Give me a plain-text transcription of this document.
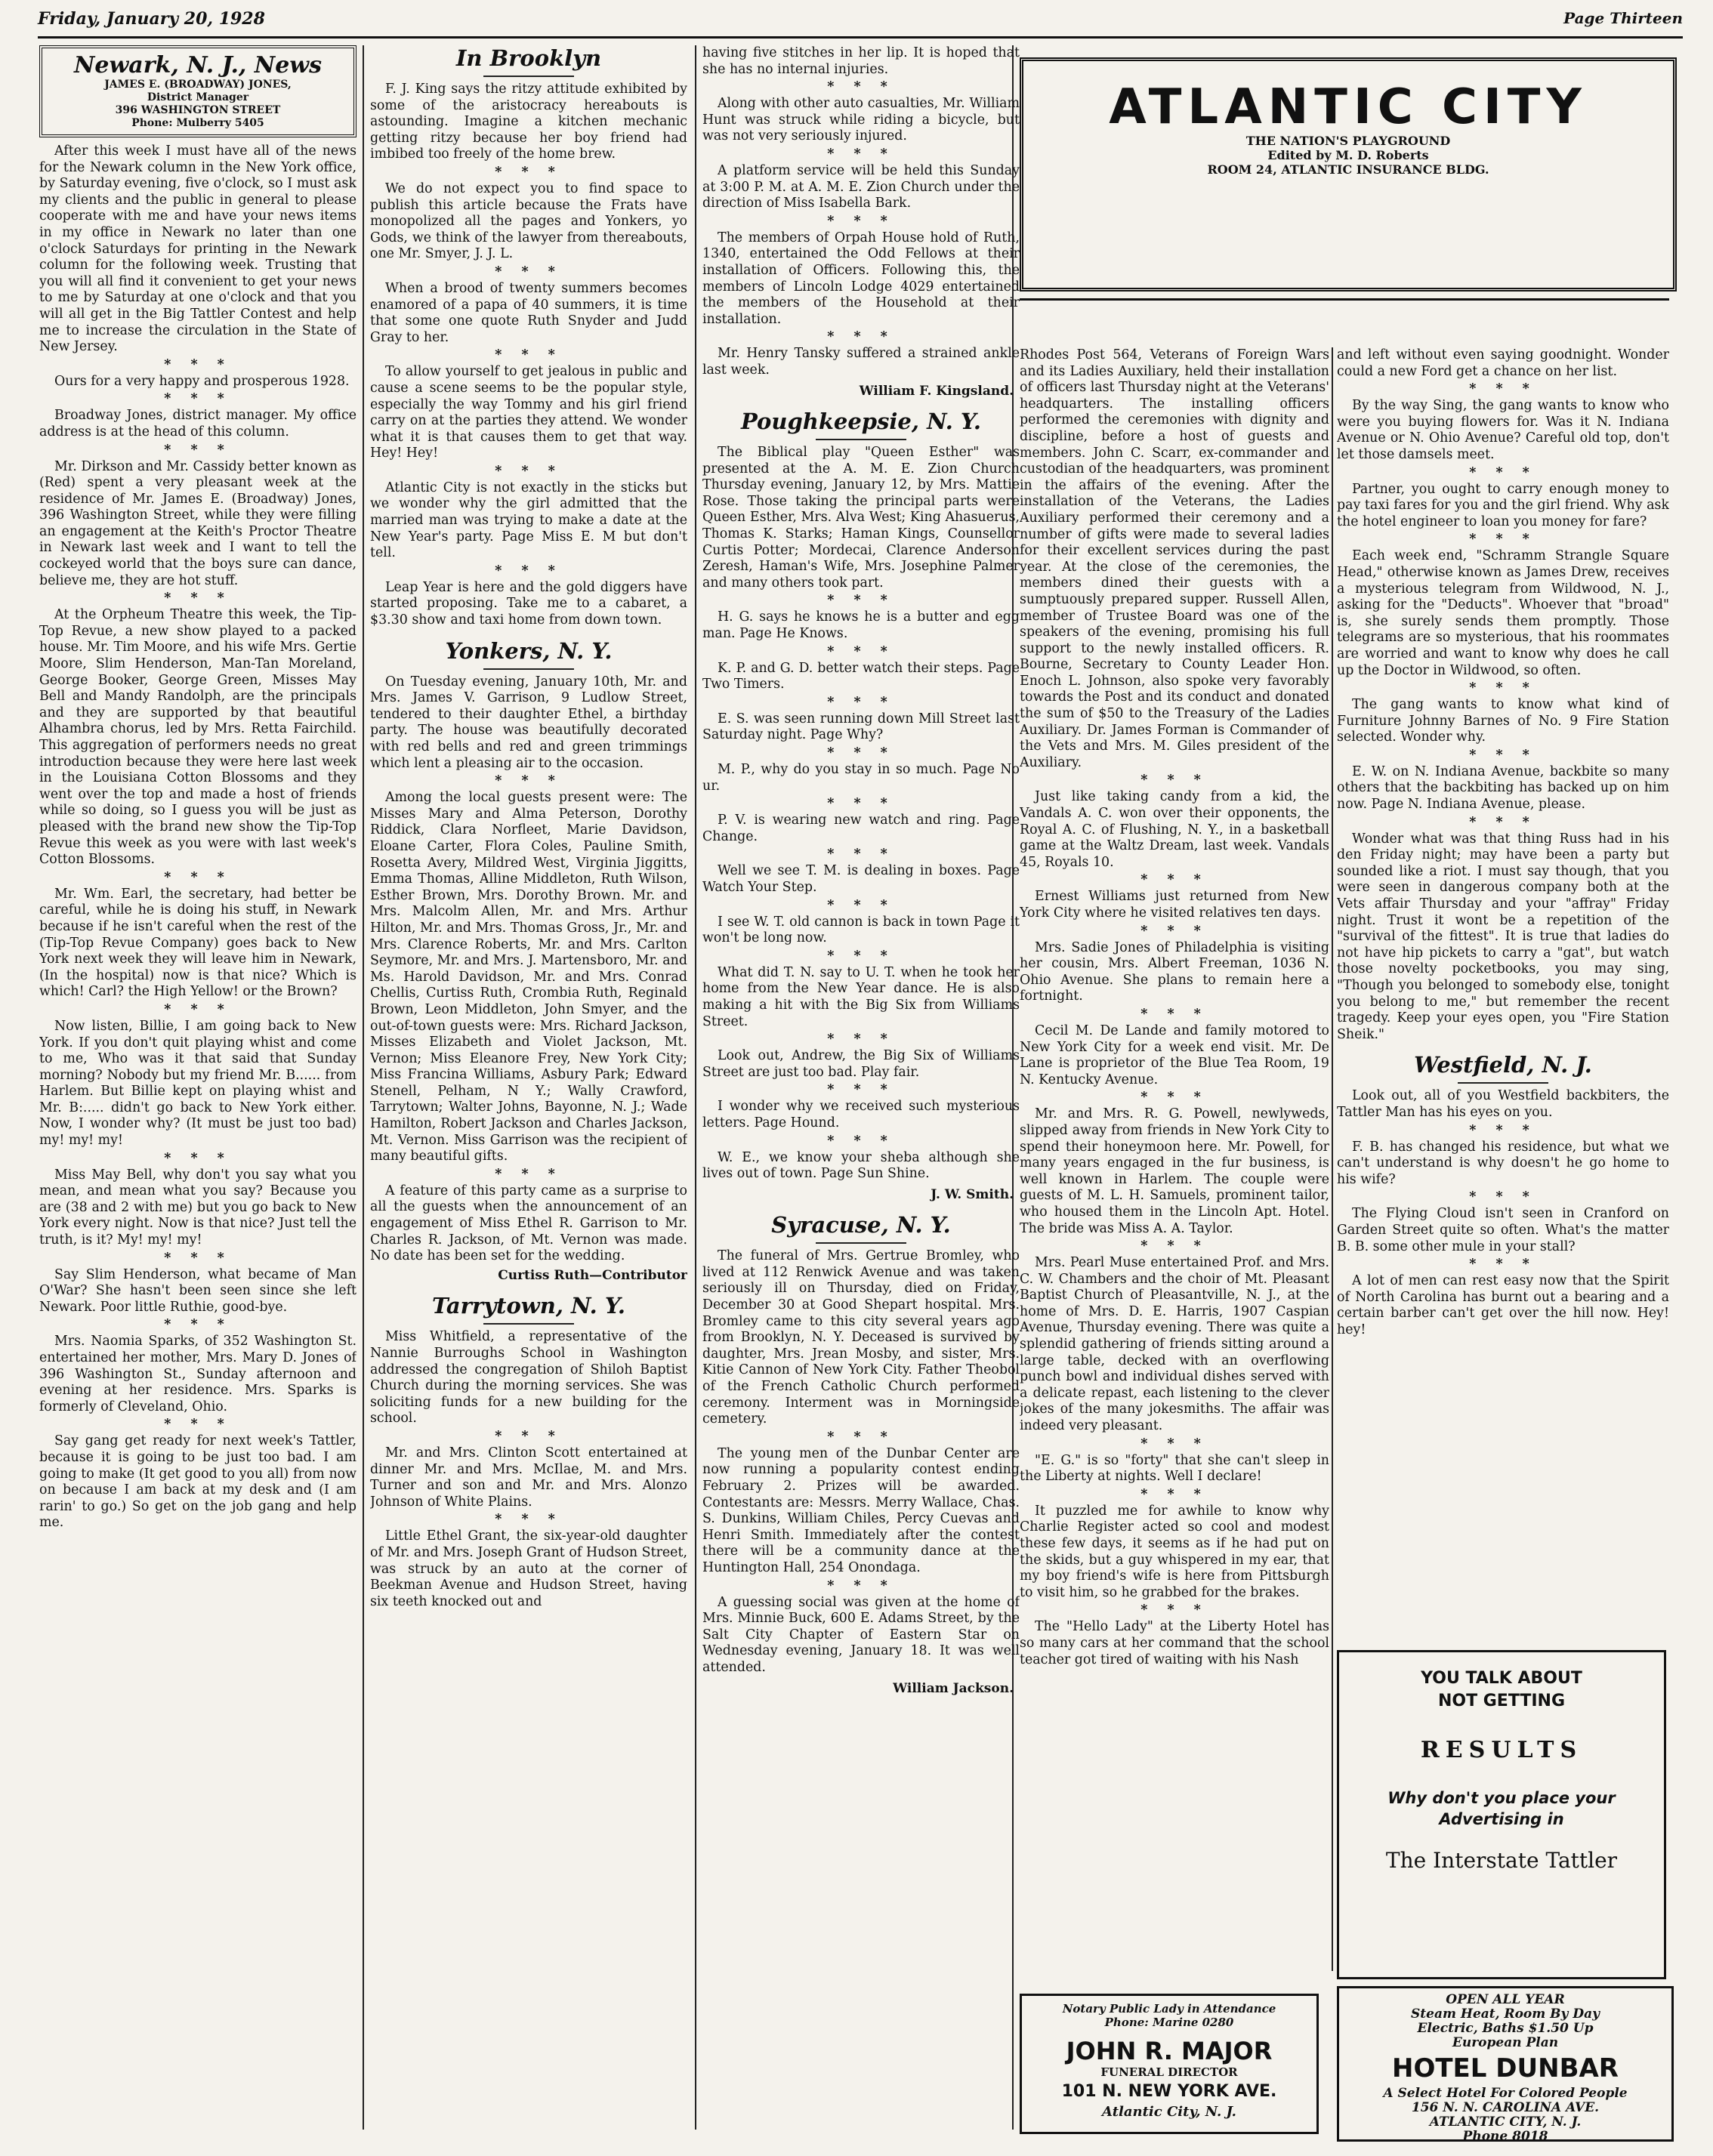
Friday, January 20, 1928	Page Thirteen
Newark, N. J., News
JAMES E. (BROADWAY) JONES,
District Manager
396 WASHINGTON STREET
Phone: Mulberry 5405

After this week I must have all of the news for the Newark column in the New York office, by Saturday evening, five o'clock, so I must ask my clients and the public in general to please cooperate with me and have your news items in my office in Newark no later than one o'clock Saturdays for printing in the Newark column for the following week. Trusting that you will all find it convenient to get your news to me by Saturday at one o'clock and that you will all get in the Big Tattler Contest and help me to increase the circulation in the State of New Jersey.

* * *

Ours for a very happy and prosperous 1928.

* * *

Broadway Jones, district manager. My office address is at the head of this column.

* * *

Mr. Dirkson and Mr. Cassidy better known as (Red) spent a very pleasant week at the residence of Mr. James E. (Broadway) Jones, 396 Washington Street, while they were filling an engagement at the Keith's Proctor Theatre in Newark last week and I want to tell the cockeyed world that the boys sure can dance, believe me, they are hot stuff.

* * *

At the Orpheum Theatre this week, the Tip-Top Revue, a new show played to a packed house. Mr. Tim Moore, and his wife Mrs. Gertie Moore, Slim Henderson, Man-Tan Moreland, George Booker, George Green, Misses May Bell and Mandy Randolph, are the principals and they are supported by that beautiful Alhambra chorus, led by Mrs. Retta Fairchild. This aggregation of performers needs no great introduction because they were here last week in the Louisiana Cotton Blossoms and they went over the top and made a host of friends while so doing, so I guess you will be just as pleased with the brand new show the Tip-Top Revue this week as you were with last week's Cotton Blossoms.

* * *

Mr. Wm. Earl, the secretary, had better be careful, while he is doing his stuff, in Newark because if he isn't careful when the rest of the (Tip-Top Revue Company) goes back to New York next week they will leave him in Newark, (In the hospital) now is that nice? Which is which! Carl? the High Yellow! or the Brown?

* * *

Now listen, Billie, I am going back to New York. If you don't quit playing whist and come to me, Who was it that said that Sunday morning? Nobody but my friend Mr. B...... from Harlem. But Billie kept on playing whist and Mr. B:..... didn't go back to New York either. Now, I wonder why? (It must be just too bad) my! my! my!

* * *

Miss May Bell, why don't you say what you mean, and mean what you say? Because you are (38 and 2 with me) but you go back to New York every night. Now is that nice? Just tell the truth, is it? My! my! my!

* * *

Say Slim Henderson, what became of Man O'War? She hasn't been seen since she left Newark. Poor little Ruthie, good-bye.

* * *

Mrs. Naomia Sparks, of 352 Washington St. entertained her mother, Mrs. Mary D. Jones of 396 Washington St., Sunday afternoon and evening at her residence. Mrs. Sparks is formerly of Cleveland, Ohio.

* * *

Say gang get ready for next week's Tattler, because it is going to be just too bad. I am going to make (It get good to you all) from now on because I am back at my desk and (I am rarin' to go.) So get on the job gang and help me.

In Brooklyn

F. J. King says the ritzy attitude exhibited by some of the aristocracy hereabouts is astounding. Imagine a kitchen mechanic getting ritzy because her boy friend had imbibed too freely of the home brew.

* * *

We do not expect you to find space to publish this article because the Frats have monopolized all the pages and Yonkers, yo Gods, we think of the lawyer from thereabouts, one Mr. Smyer, J. J. L.

* * *

When a brood of twenty summers becomes enamored of a papa of 40 summers, it is time that some one quote Ruth Snyder and Judd Gray to her.

* * *

To allow yourself to get jealous in public and cause a scene seems to be the popular style, especially the way Tommy and his girl friend carry on at the parties they attend. We wonder what it is that causes them to get that way. Hey! Hey!

* * *

Atlantic City is not exactly in the sticks but we wonder why the girl admitted that the married man was trying to make a date at the New Year's party. Page Miss E. M but don't tell.

* * *

Leap Year is here and the gold diggers have started proposing. Take me to a cabaret, a $3.30 show and taxi home from down town.

Yonkers, N. Y.

On Tuesday evening, January 10th, Mr. and Mrs. James V. Garrison, 9 Ludlow Street, tendered to their daughter Ethel, a birthday party. The house was beautifully decorated with red bells and red and green trimmings which lent a pleasing air to the occasion.

* * *

Among the local guests present were: The Misses Mary and Alma Peterson, Dorothy Riddick, Clara Norfleet, Marie Davidson, Eloane Carter, Flora Coles, Pauline Smith, Rosetta Avery, Mildred West, Virginia Jiggitts, Emma Thomas, Alline Middleton, Ruth Wilson, Esther Brown, Mrs. Dorothy Brown. Mr. and Mrs. Malcolm Allen, Mr. and Mrs. Arthur Hilton, Mr. and Mrs. Thomas Gross, Jr., Mr. and Mrs. Clarence Roberts, Mr. and Mrs. Carlton Seymore, Mr. and Mrs. J. Martensboro, Mr. and Ms. Harold Davidson, Mr. and Mrs. Conrad Chellis, Curtiss Ruth, Crombia Ruth, Reginald Brown, Leon Middleton, John Smyer, and the out-of-town guests were: Mrs. Richard Jackson, Misses Elizabeth and Violet Jackson, Mt. Vernon; Miss Eleanore Frey, New York City; Miss Francina Williams, Asbury Park; Edward Stenell, Pelham, N Y.; Wally Crawford, Tarrytown; Walter Johns, Bayonne, N. J.; Wade Hamilton, Robert Jackson and Charles Jackson, Mt. Vernon. Miss Garrison was the recipient of many beautiful gifts.

* * *

A feature of this party came as a surprise to all the guests when the announcement of an engagement of Miss Ethel R. Garrison to Mr. Charles R. Jackson, of Mt. Vernon was made. No date has been set for the wedding.

Curtiss Ruth—Contributor
Tarrytown, N. Y.

Miss Whitfield, a representative of the Nannie Burroughs School in Washington addressed the congregation of Shiloh Baptist Church during the morning services. She was soliciting funds for a new building for the school.

* * *

Mr. and Mrs. Clinton Scott entertained at dinner Mr. and Mrs. McIlae, M. and Mrs. Turner and son and Mr. and Mrs. Alonzo Johnson of White Plains.

* * *

Little Ethel Grant, the six-year-old daughter of Mr. and Mrs. Joseph Grant of Hudson Street, was struck by an auto at the corner of Beekman Avenue and Hudson Street, having six teeth knocked out and

having five stitches in her lip. It is hoped that she has no internal injuries.

* * *

Along with other auto casualties, Mr. William Hunt was struck while riding a bicycle, but was not very seriously injured.

* * *

A platform service will be held this Sunday at 3:00 P. M. at A. M. E. Zion Church under the direction of Miss Isabella Bark.

* * *

The members of Orpah House hold of Ruth, 1340, entertained the Odd Fellows at their installation of Officers. Following this, the members of Lincoln Lodge 4029 entertained the members of the Household at their installation.

* * *

Mr. Henry Tansky suffered a strained ankle last week.

William F. Kingsland.
Poughkeepsie, N. Y.

The Biblical play "Queen Esther" was presented at the A. M. E. Zion Church Thursday evening, January 12, by Mrs. Mattie Rose. Those taking the principal parts were Queen Esther, Mrs. Alva West; King Ahasuerus, Thomas K. Starks; Haman Kings, Counsellor Curtis Potter; Mordecai, Clarence Anderson Zeresh, Haman's Wife, Mrs. Josephine Palmer and many others took part.

* * *

H. G. says he knows he is a butter and egg man. Page He Knows.

* * *

K. P. and G. D. better watch their steps. Page Two Timers.

* * *

E. S. was seen running down Mill Street last Saturday night. Page Why?

* * *

M. P., why do you stay in so much. Page No ur.

* * *

P. V. is wearing new watch and ring. Page Change.

* * *

Well we see T. M. is dealing in boxes. Page Watch Your Step.

* * *

I see W. T. old cannon is back in town Page it won't be long now.

* * *

What did T. N. say to U. T. when he took her home from the New Year dance. He is also making a hit with the Big Six from Williams Street.

* * *

Look out, Andrew, the Big Six of Williams Street are just too bad. Play fair.

* * *

I wonder why we received such mysterious letters. Page Hound.

* * *

W. E., we know your sheba although she lives out of town. Page Sun Shine.

J. W. Smith.
Syracuse, N. Y.

The funeral of Mrs. Gertrue Bromley, who lived at 112 Renwick Avenue and was taken seriously ill on Thursday, died on Friday, December 30 at Good Shepart hospital. Mrs. Bromley came to this city several years ago from Brooklyn, N. Y. Deceased is survived by daughter, Mrs. Jrean Mosby, and sister, Mrs. Kitie Cannon of New York City. Father Theobol of the French Catholic Church performed ceremony. Interment was in Morningside cemetery.

* * *

The young men of the Dunbar Center are now running a popularity contest ending February 2. Prizes will be awarded. Contestants are: Messrs. Merry Wallace, Chas. S. Dunkins, William Chiles, Percy Cuevas and Henri Smith. Immediately after the contest there will be a community dance at the Huntington Hall, 254 Onondaga.

* * *

A guessing social was given at the home of Mrs. Minnie Buck, 600 E. Adams Street, by the Salt City Chapter of Eastern Star on Wednesday evening, January 18. It was well attended.

William Jackson.
ATLANTIC CITY
THE NATION'S PLAYGROUND
Edited by M. D. Roberts
ROOM 24, ATLANTIC INSURANCE BLDG.

Rhodes Post 564, Veterans of Foreign Wars and its Ladies Auxiliary, held their installation of officers last Thursday night at the Veterans' headquarters. The installing officers performed the ceremonies with dignity and discipline, before a host of guests and members. John C. Scarr, ex-commander and custodian of the headquarters, was prominent in the affairs of the evening. After the installation of the Veterans, the Ladies Auxiliary performed their ceremony and a number of gifts were made to several ladies for their excellent services during the past year. At the close of the ceremonies, the members dined their guests with a sumptuously prepared supper. Russell Allen, member of Trustee Board was one of the speakers of the evening, promising his full support to the newly installed officers. R. Bourne, Secretary to County Leader Hon. Enoch L. Johnson, also spoke very favorably towards the Post and its conduct and donated the sum of $50 to the Treasury of the Ladies Auxiliary. Dr. James Forman is Commander of the Vets and Mrs. M. Giles president of the Auxiliary.

* * *

Just like taking candy from a kid, the Vandals A. C. won over their opponents, the Royal A. C. of Flushing, N. Y., in a basketball game at the Waltz Dream, last week. Vandals 45, Royals 10.

* * *

Ernest Williams just returned from New York City where he visited relatives ten days.

* * *

Mrs. Sadie Jones of Philadelphia is visiting her cousin, Mrs. Albert Freeman, 1036 N. Ohio Avenue. She plans to remain here a fortnight.

* * *

Cecil M. De Lande and family motored to New York City for a week end visit. Mr. De Lane is proprietor of the Blue Tea Room, 19 N. Kentucky Avenue.

* * *

Mr. and Mrs. R. G. Powell, newlyweds, slipped away from friends in New York City to spend their honeymoon here. Mr. Powell, for many years engaged in the fur business, is well known in Harlem. The couple were guests of M. L. H. Samuels, prominent tailor, who housed them in the Lincoln Apt. Hotel. The bride was Miss A. A. Taylor.

* * *

Mrs. Pearl Muse entertained Prof. and Mrs. C. W. Chambers and the choir of Mt. Pleasant Baptist Church of Pleasantville, N. J., at the home of Mrs. D. E. Harris, 1907 Caspian Avenue, Thursday evening. There was quite a splendid gathering of friends sitting around a large table, decked with an overflowing punch bowl and individual dishes served with a delicate repast, each listening to the clever jokes of the many jokesmiths. The affair was indeed very pleasant.

* * *

"E. G." is so "forty" that she can't sleep in the Liberty at nights. Well I declare!

* * *

It puzzled me for awhile to know why Charlie Register acted so cool and modest these few days, it seems as if he had put on the skids, but a guy whispered in my ear, that my boy friend's wife is here from Pittsburgh to visit him, so he grabbed for the brakes.

* * *

The "Hello Lady" at the Liberty Hotel has so many cars at her command that the school teacher got tired of waiting with his Nash

and left without even saying goodnight. Wonder could a new Ford get a chance on her list.

* * *

By the way Sing, the gang wants to know who were you buying flowers for. Was it N. Indiana Avenue or N. Ohio Avenue? Careful old top, don't let those damsels meet.

* * *

Partner, you ought to carry enough money to pay taxi fares for you and the girl friend. Why ask the hotel engineer to loan you money for fare?

* * *

Each week end, "Schramm Strangle Square Head," otherwise known as James Drew, receives a mysterious telegram from Wildwood, N. J., asking for the "Deducts". Whoever that "broad" is, she surely sends them promptly. Those telegrams are so mysterious, that his roommates are worried and want to know why does he call up the Doctor in Wildwood, so often.

* * *

The gang wants to know what kind of Furniture Johnny Barnes of No. 9 Fire Station selected. Wonder why.

* * *

E. W. on N. Indiana Avenue, backbite so many others that the backbiting has backed up on him now. Page N. Indiana Avenue, please.

* * *

Wonder what was that thing Russ had in his den Friday night; may have been a party but sounded like a riot. I must say though, that you were seen in dangerous company both at the Vets affair Thursday and your "affray" Friday night. Trust it wont be a repetition of the "survival of the fittest". It is true that ladies do not have hip pickets to carry a "gat", but watch those novelty pocketbooks, you may sing, "Though you belonged to somebody else, tonight you belong to me," but remember the recent tragedy. Keep your eyes open, you "Fire Station Sheik."

Westfield, N. J.

Look out, all of you Westfield backbiters, the Tattler Man has his eyes on you.

* * *

F. B. has changed his residence, but what we can't understand is why doesn't he go home to his wife?

* * *

The Flying Cloud isn't seen in Cranford on Garden Street quite so often. What's the matter B. B. some other mule in your stall?

* * *

A lot of men can rest easy now that the Spirit of North Carolina has burnt out a bearing and a certain barber can't get over the hill now. Hey! hey!

YOU TALK ABOUT
NOT GETTING
RESULTS
Why don't you place your
Advertising in
The Interstate Tattler
Notary Public Lady in Attendance
Phone: Marine 0280
JOHN R. MAJOR
FUNERAL DIRECTOR
101 N. NEW YORK AVE.
Atlantic City, N. J.
OPEN ALL YEAR
Steam Heat, Room By Day
Electric, Baths $1.50 Up
European Plan
HOTEL DUNBAR
A Select Hotel For Colored People
156 N. N. CAROLINA AVE.
ATLANTIC CITY, N. J.
Phone 8018
